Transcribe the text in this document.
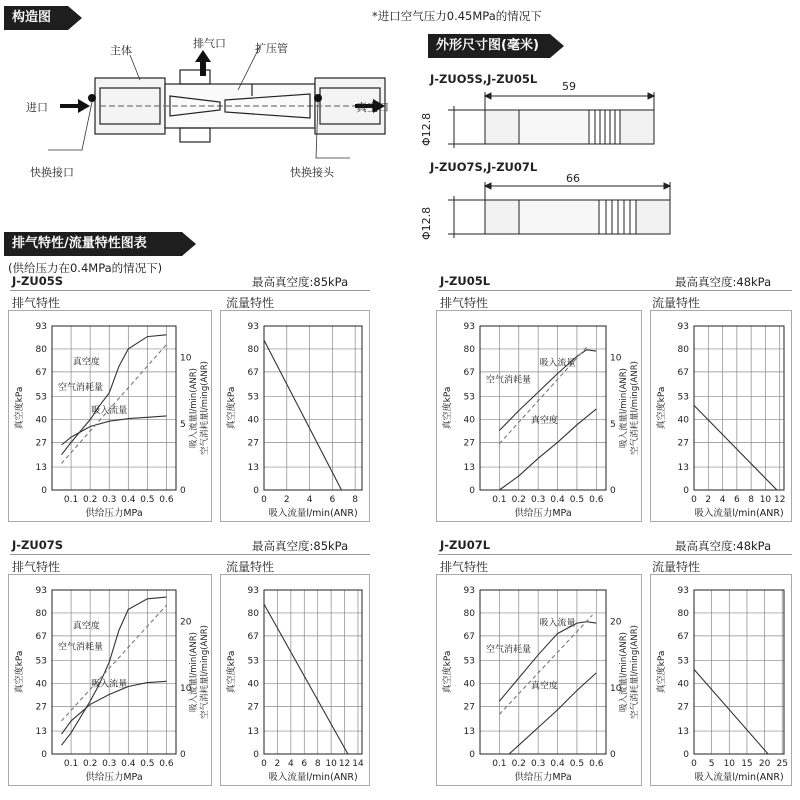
构造图	*进口空气压力0.45MPa的情况下
外形尺寸图(毫米)
排气特性/流量特性图表
主体
排气口	扩压管
进口	真空口
快换接口	快换接头
J-ZUO5S,J-ZU05L
59
Φ12.8
J-ZUO7S,J-ZU07L
66
Φ12.8
(供给压力在0.4MPa的情况下)
J-ZU05S	最高真空度:85kPa
排气特性	流量特性
J-ZU05L	最高真空度:48kPa
排气特性	流量特性
J-ZU07S	最高真空度:85kPa
排气特性	流量特性
J-ZU07L	最高真空度:48kPa
排气特性	流量特性
0.1 0.2 0.3 0.4 0.5 0.6
93
80
67
53
40
27
13
0
真空度kPa
供给压力MPa
0
5
10
吸入流量l/min(ANR) 空气消耗量l/ming(ANR)
真空度
吸入流量
空气消耗量
0 2 4 6 8
93
80
67
53
40
27
13
0
真空度kPa
吸入流量l/min(ANR)
0.1 0.2 0.3 0.4 0.5 0.6
93
80
67
53
40
27
13
0
真空度kPa
供给压力MPa
0
5
10
吸入流量l/min(ANR) 空气消耗量l/ming(ANR)
真空度
吸入流量
空气消耗量
0 2 4 6 8 10 12
93
80
67
53
40
27
13
0
真空度kPa
吸入流量l/min(ANR)
0.1 0.2 0.3 0.4 0.5 0.6
93
80
67
53
40
27
13
0
真空度kPa
供给压力MPa
0
10
20
吸入流量l/min(ANR) 空气消耗量l/ming(ANR)
真空度
吸入流量
空气消耗量
0 2 4 6 8 10 12 14
93
80
67
53
40
27
13
0
真空度kPa
吸入流量l/min(ANR)
0.1 0.2 0.3 0.4 0.5 0.6
93
80
67
53
40
27
13
0
真空度kPa
供给压力MPa
0
10
20
吸入流量l/min(ANR) 空气消耗量l/ming(ANR)
真空度
吸入流量
空气消耗量
0 5 10 15 20 25
93
80
67
53
40
27
13
0
真空度kPa
吸入流量l/min(ANR)
